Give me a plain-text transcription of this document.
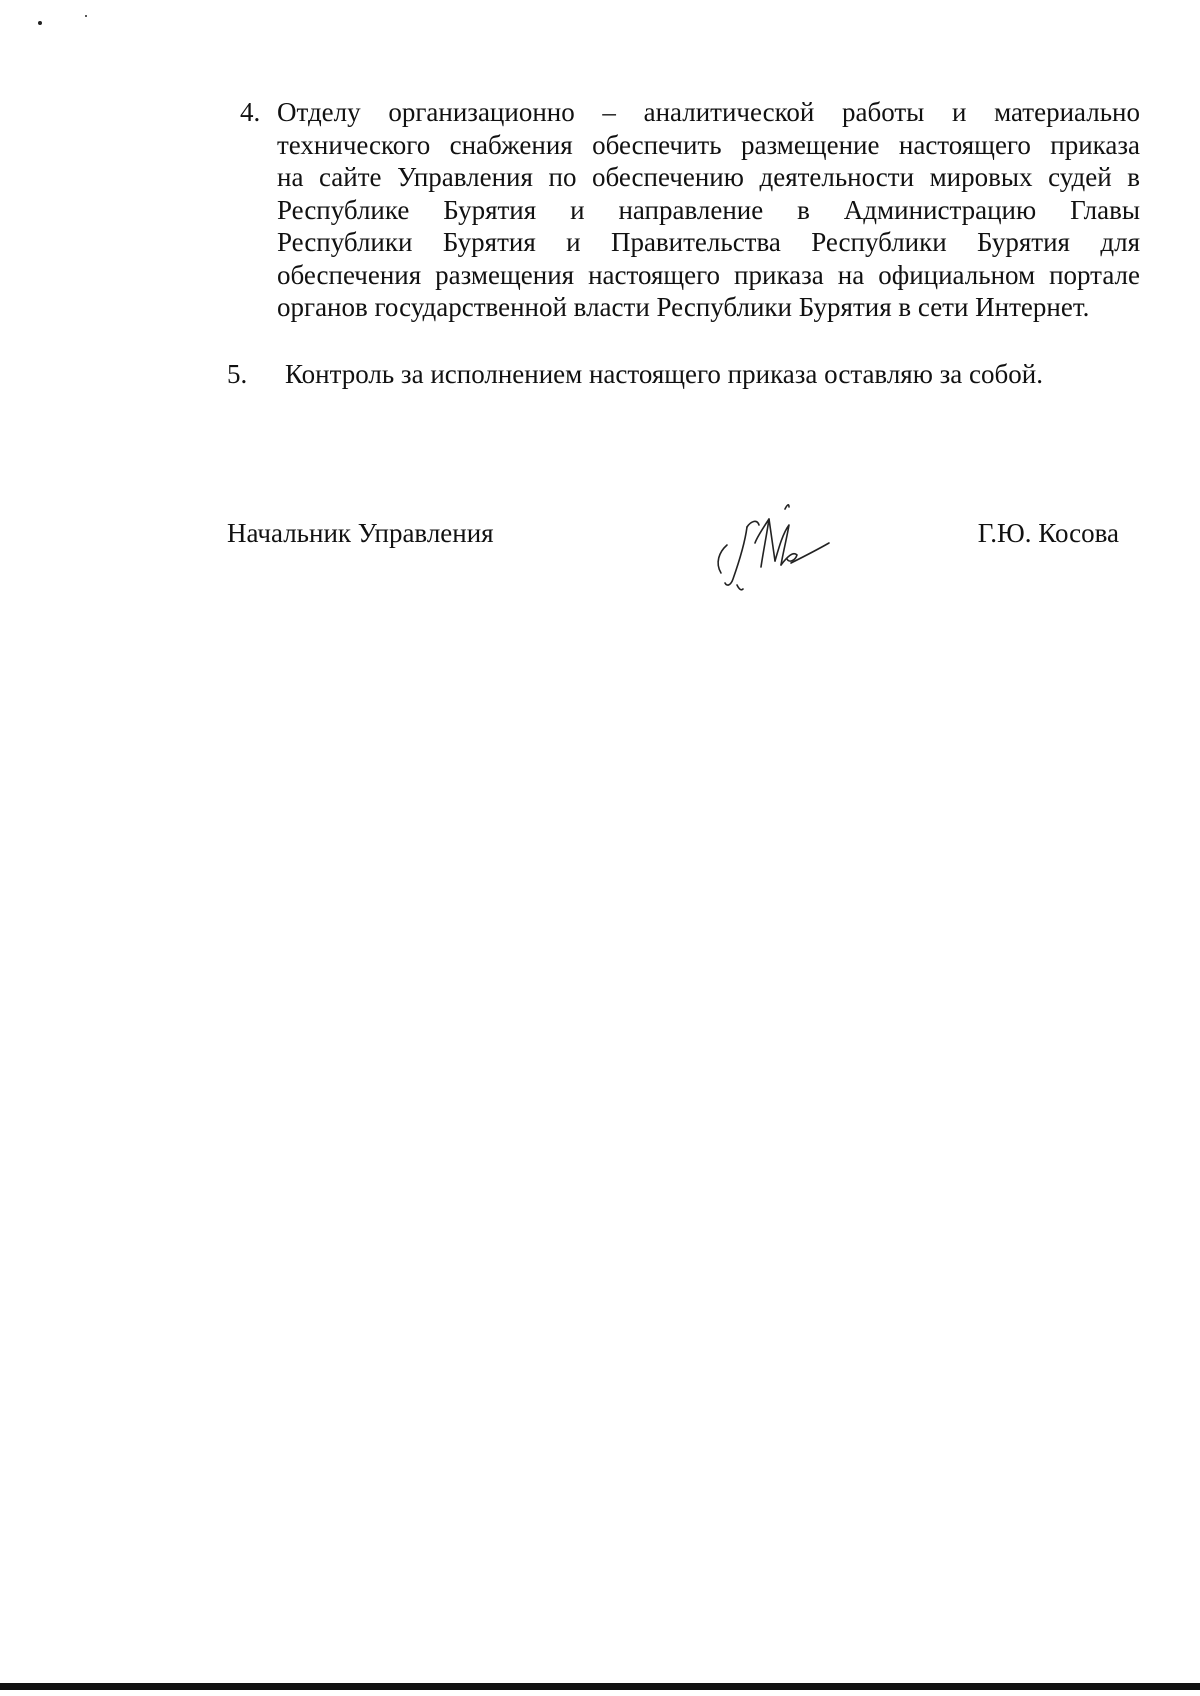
4. Отделу организационно – аналитической работы и материально
технического снабжения обеспечить размещение настоящего приказа
на сайте Управления по обеспечению деятельности мировых судей в
Республике Бурятия и направление в Администрацию Главы
Республики Бурятия и Правительства Республики Бурятия для
обеспечения размещения настоящего приказа на официальном портале
органов государственной власти Республики Бурятия в сети Интернет.
5. Контроль за исполнением настоящего приказа оставляю за собой.
Начальник Управления	Г.Ю. Косова
